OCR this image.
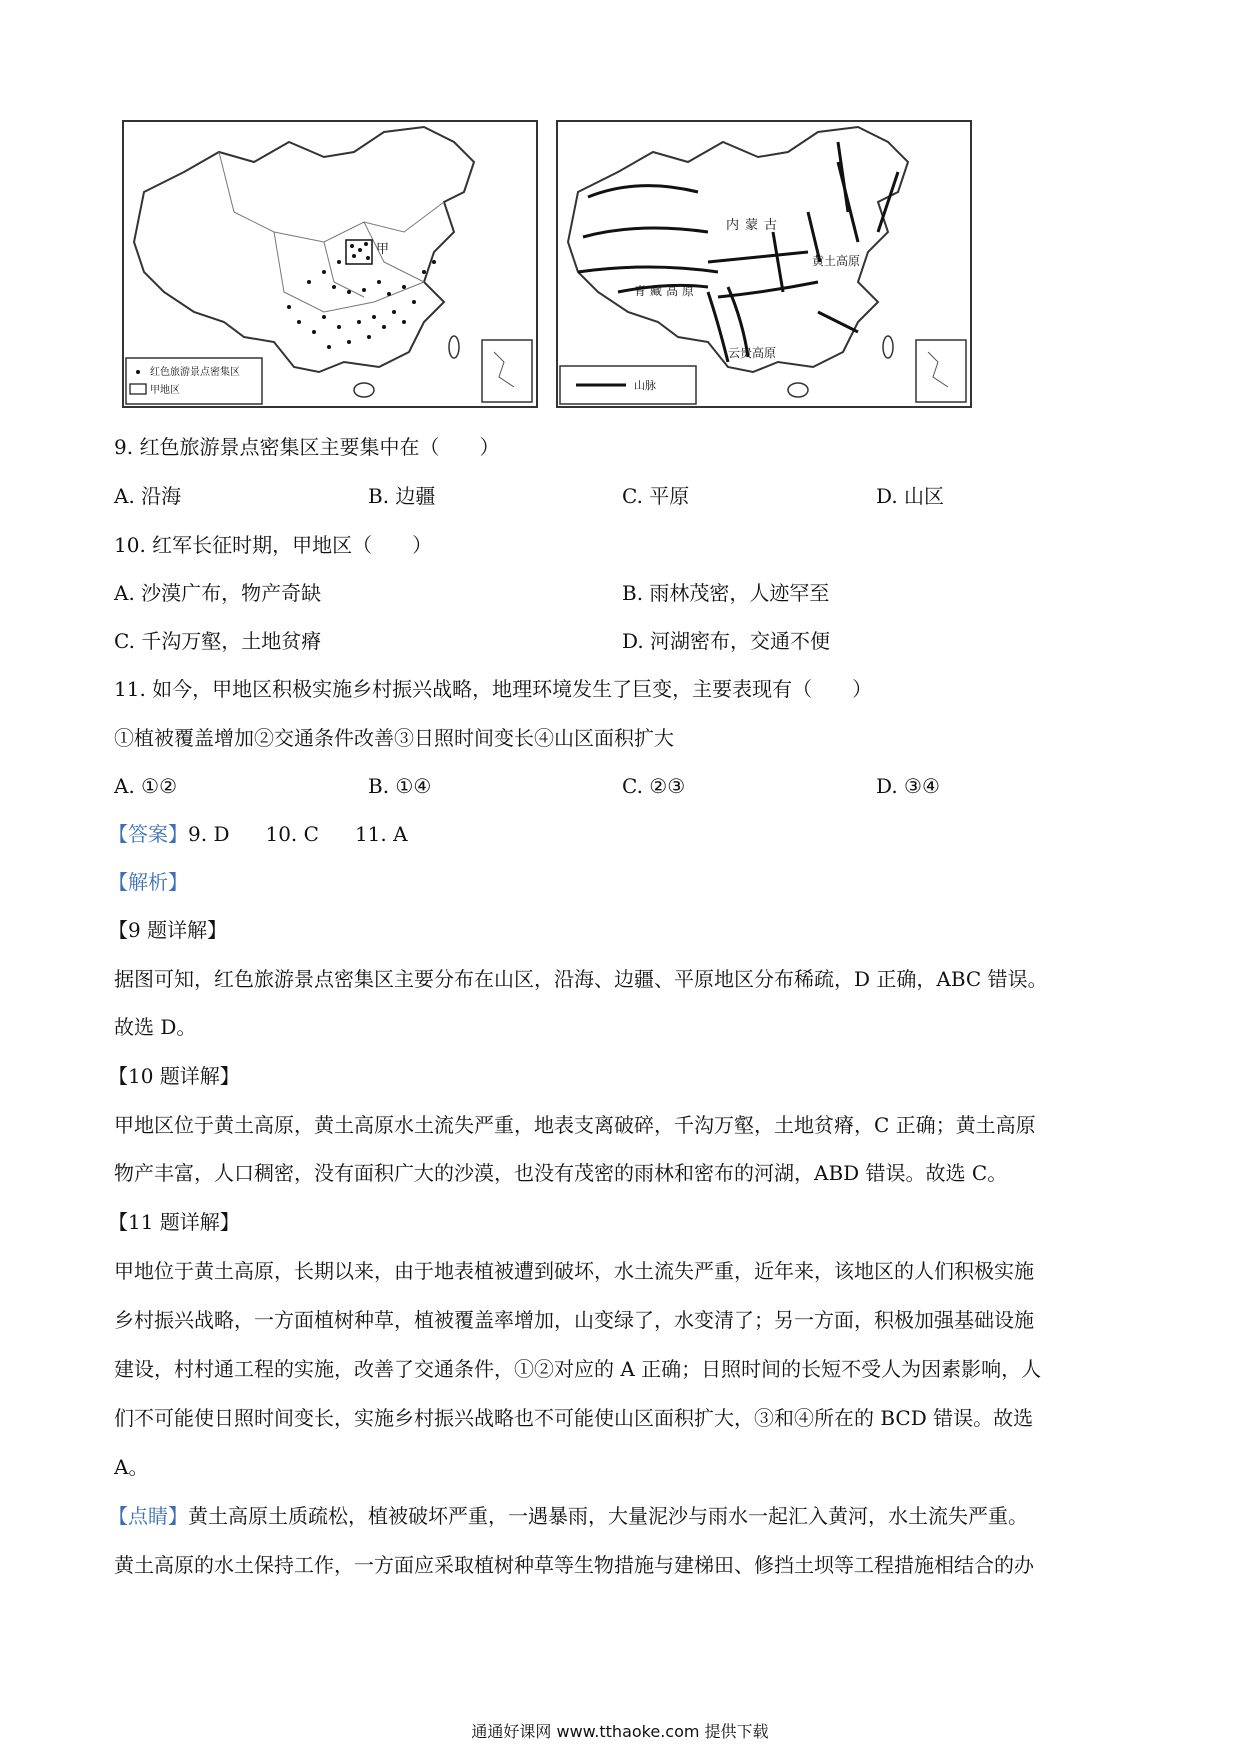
甲
红色旅游景点密集区
甲地区
内蒙古
黄土高原
青藏高原
云贵高原
山脉
9. 红色旅游景点密集区主要集中在（　　）
A. 沿海	B. 边疆	C. 平原	D. 山区
10. 红军长征时期，甲地区（　　）
A. 沙漠广布，物产奇缺	B. 雨林茂密，人迹罕至
C. 千沟万壑，土地贫瘠	D. 河湖密布，交通不便
11. 如今，甲地区积极实施乡村振兴战略，地理环境发生了巨变，主要表现有（　　）
①植被覆盖增加②交通条件改善③日照时间变长④山区面积扩大
A. ①②	B. ①④	C. ②③	D. ③④
【答案】9. D 10. C 11. A
【解析】
【9 题详解】
据图可知，红色旅游景点密集区主要分布在山区，沿海、边疆、平原地区分布稀疏，D 正确，ABC 错误。
故选 D。
【10 题详解】
甲地区位于黄土高原，黄土高原水土流失严重，地表支离破碎，千沟万壑，土地贫瘠，C 正确；黄土高原
物产丰富，人口稠密，没有面积广大的沙漠，也没有茂密的雨林和密布的河湖，ABD 错误。故选 C。
【11 题详解】
甲地位于黄土高原，长期以来，由于地表植被遭到破坏，水土流失严重，近年来，该地区的人们积极实施
乡村振兴战略，一方面植树种草，植被覆盖率增加，山变绿了，水变清了；另一方面，积极加强基础设施
建设，村村通工程的实施，改善了交通条件，①②对应的 A 正确；日照时间的长短不受人为因素影响，人
们不可能使日照时间变长，实施乡村振兴战略也不可能使山区面积扩大，③和④所在的 BCD 错误。故选
A。
【点睛】黄土高原土质疏松，植被破坏严重，一遇暴雨，大量泥沙与雨水一起汇入黄河，水土流失严重。
黄土高原的水土保持工作，一方面应采取植树种草等生物措施与建梯田、修挡土坝等工程措施相结合的办
通通好课网 www.tthaoke.com 提供下载
